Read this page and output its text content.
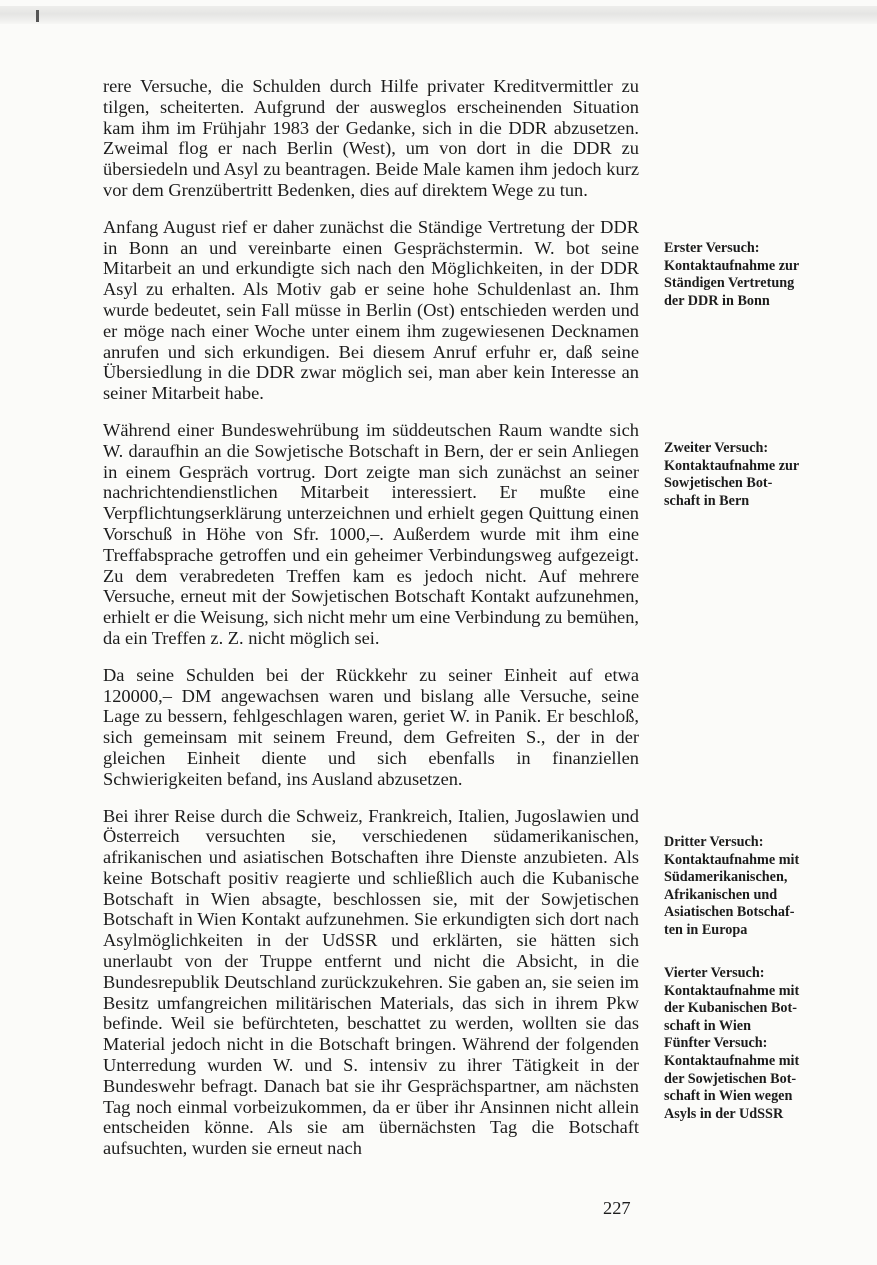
rere Versuche, die Schulden durch Hilfe privater Kreditvermittler zu tilgen, scheiterten. Aufgrund der ausweglos erscheinenden Situation kam ihm im Frühjahr 1983 der Gedanke, sich in die DDR abzusetzen. Zweimal flog er nach Berlin (West), um von dort in die DDR zu übersiedeln und Asyl zu beantragen. Beide Male kamen ihm jedoch kurz vor dem Grenzübertritt Bedenken, dies auf direktem Wege zu tun.

Anfang August rief er daher zunächst die Ständige Vertretung der DDR in Bonn an und vereinbarte einen Gesprächstermin. W. bot seine Mitarbeit an und erkundigte sich nach den Möglichkeiten, in der DDR Asyl zu erhalten. Als Motiv gab er seine hohe Schuldenlast an. Ihm wurde bedeutet, sein Fall müsse in Berlin (Ost) entschieden werden und er möge nach einer Woche unter einem ihm zugewiesenen Decknamen anrufen und sich erkundigen. Bei diesem Anruf erfuhr er, daß seine Übersiedlung in die DDR zwar möglich sei, man aber kein Interesse an seiner Mitarbeit habe.

Während einer Bundeswehrübung im süddeutschen Raum wandte sich W. daraufhin an die Sowjetische Botschaft in Bern, der er sein Anliegen in einem Gespräch vortrug. Dort zeigte man sich zunächst an seiner nachrichtendienstlichen Mitarbeit interessiert. Er mußte eine Verpflichtungserklärung unterzeichnen und erhielt gegen Quittung einen Vorschuß in Höhe von Sfr. 1000,–. Außerdem wurde mit ihm eine Treffabsprache getroffen und ein geheimer Verbindungsweg aufgezeigt. Zu dem verabredeten Treffen kam es jedoch nicht. Auf mehrere Versuche, erneut mit der Sowjetischen Botschaft Kontakt aufzunehmen, erhielt er die Weisung, sich nicht mehr um eine Verbindung zu bemühen, da ein Treffen z. Z. nicht möglich sei.

Da seine Schulden bei der Rückkehr zu seiner Einheit auf etwa 120000,– DM angewachsen waren und bislang alle Versuche, seine Lage zu bessern, fehlgeschlagen waren, geriet W. in Panik. Er beschloß, sich gemeinsam mit seinem Freund, dem Gefreiten S., der in der gleichen Einheit diente und sich ebenfalls in finanziellen Schwierigkeiten befand, ins Ausland abzusetzen.

Bei ihrer Reise durch die Schweiz, Frankreich, Italien, Jugoslawien und Österreich versuchten sie, verschiedenen südamerikanischen, afrikanischen und asiatischen Botschaften ihre Dienste anzubieten. Als keine Botschaft positiv reagierte und schließlich auch die Kubanische Botschaft in Wien absagte, beschlossen sie, mit der Sowjetischen Botschaft in Wien Kontakt aufzunehmen. Sie erkundigten sich dort nach Asylmöglichkeiten in der UdSSR und erklärten, sie hätten sich unerlaubt von der Truppe entfernt und nicht die Absicht, in die Bundesrepublik Deutschland zurückzukehren. Sie gaben an, sie seien im Besitz umfangreichen militärischen Materials, das sich in ihrem Pkw befinde. Weil sie befürchteten, beschattet zu werden, wollten sie das Material jedoch nicht in die Botschaft bringen. Während der folgenden Unterredung wurden W. und S. intensiv zu ihrer Tätigkeit in der Bundeswehr befragt. Danach bat sie ihr Gesprächspartner, am nächsten Tag noch einmal vorbeizukommen, da er über ihr Ansinnen nicht allein entscheiden könne. Als sie am übernächsten Tag die Botschaft aufsuchten, wurden sie erneut nach

Erster Versuch:
Kontaktaufnahme zur
Ständigen Vertretung
der DDR in Bonn
Zweiter Versuch:
Kontaktaufnahme zur
Sowjetischen Bot-
schaft in Bern
Dritter Versuch:
Kontaktaufnahme mit
Südamerikanischen,
Afrikanischen und
Asiatischen Botschaf-
ten in Europa
Vierter Versuch:
Kontaktaufnahme mit
der Kubanischen Bot-
schaft in Wien
Fünfter Versuch:
Kontaktaufnahme mit
der Sowjetischen Bot-
schaft in Wien wegen
Asyls in der UdSSR
227
